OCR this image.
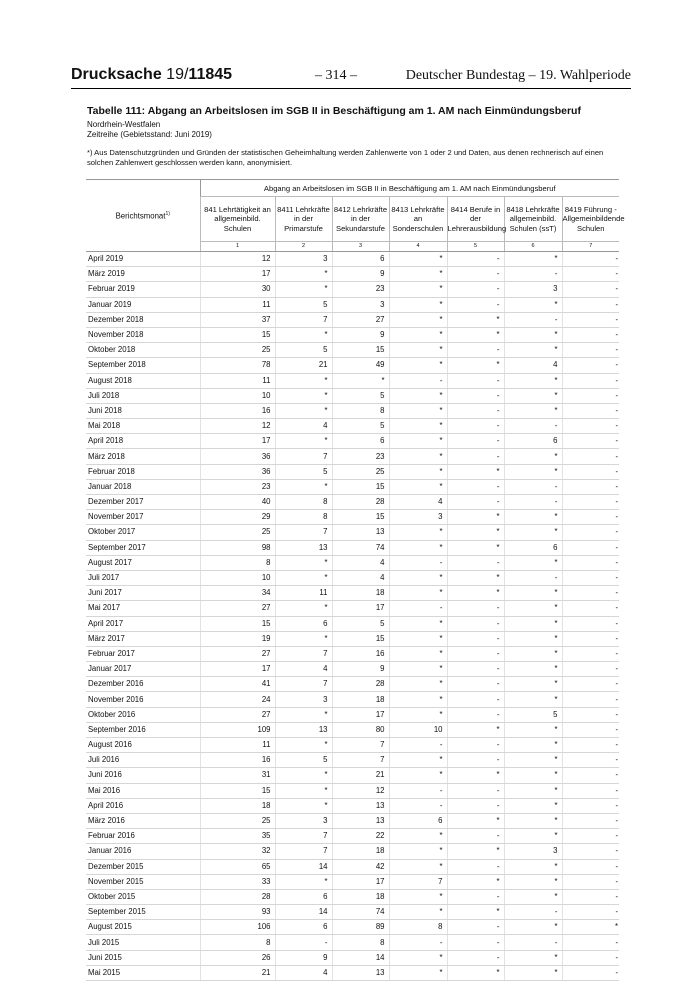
Drucksache 19/11845	– 314 –	Deutscher Bundestag – 19. Wahlperiode
Tabelle 111: Abgang an Arbeitslosen im SGB II in Beschäftigung am 1. AM nach Einmündungsberuf
Nordrhein-Westfalen
Zeitreihe (Gebietsstand: Juni 2019)
*) Aus Datenschutzgründen und Gründen der statistischen Geheimhaltung werden Zahlenwerte von 1 oder 2 und Daten, aus denen rechnerisch auf einen solchen Zahlenwert geschlossen werden kann, anonymisiert.
Berichtsmonat$^{1)}$	Abgang an Arbeitslosen im SGB II in Beschäftigung am 1. AM nach Einmündungsberuf						
	841 Lehrtätigkeit an allgemeinbild. Schulen	8411 Lehrkräfte in der Primarstufe	8412 Lehrkräfte in der Sekundarstufe	8413 Lehrkräfte an Sonderschulen	8414 Berufe in der Lehrerausbildung	8418 Lehrkräfte allgemeinbild. Schulen (ssT)	8419 Führung - Allgemeinbildende Schulen
	1	2	3	4	5	6	7
April 2019	12	3	6	*	-	*	-
März 2019	17	*	9	*	-	-	-
Februar 2019	30	*	23	*	-	3	-
Januar 2019	11	5	3	*	-	*	-
Dezember 2018	37	7	27	*	*	-	-
November 2018	15	*	9	*	*	*	-
Oktober 2018	25	5	15	*	-	*	-
September 2018	78	21	49	*	*	4	-
August 2018	11	*	*	-	-	*	-
Juli 2018	10	*	5	*	-	*	-
Juni 2018	16	*	8	*	-	*	-
Mai 2018	12	4	5	*	-	-	-
April 2018	17	*	6	*	-	6	-
März 2018	36	7	23	*	-	*	-
Februar 2018	36	5	25	*	*	*	-
Januar 2018	23	*	15	*	-	-	-
Dezember 2017	40	8	28	4	-	-	-
November 2017	29	8	15	3	*	*	-
Oktober 2017	25	7	13	*	*	*	-
September 2017	98	13	74	*	*	6	-
August 2017	8	*	4	-	-	*	-
Juli 2017	10	*	4	*	*	-	-
Juni 2017	34	11	18	*	*	*	-
Mai 2017	27	*	17	-	-	*	-
April 2017	15	6	5	*	-	*	-
März 2017	19	*	15	*	-	*	-
Februar 2017	27	7	16	*	-	*	-
Januar 2017	17	4	9	*	-	*	-
Dezember 2016	41	7	28	*	-	*	-
November 2016	24	3	18	*	-	*	-
Oktober 2016	27	*	17	*	-	5	-
September 2016	109	13	80	10	*	*	-
August 2016	11	*	7	-	-	*	-
Juli 2016	16	5	7	*	-	*	-
Juni 2016	31	*	21	*	*	*	-
Mai 2016	15	*	12	-	-	*	-
April 2016	18	*	13	-	-	*	-
März 2016	25	3	13	6	*	*	-
Februar 2016	35	7	22	*	-	*	-
Januar 2016	32	7	18	*	*	3	-
Dezember 2015	65	14	42	*	-	*	-
November 2015	33	*	17	7	*	*	-
Oktober 2015	28	6	18	*	-	*	-
September 2015	93	14	74	*	*	-	-
August 2015	106	6	89	8	-	*	*
Juli 2015	8	-	8	-	-	-	-
Juni 2015	26	9	14	*	-	*	-
Mai 2015	21	4	13	*	*	*	-
